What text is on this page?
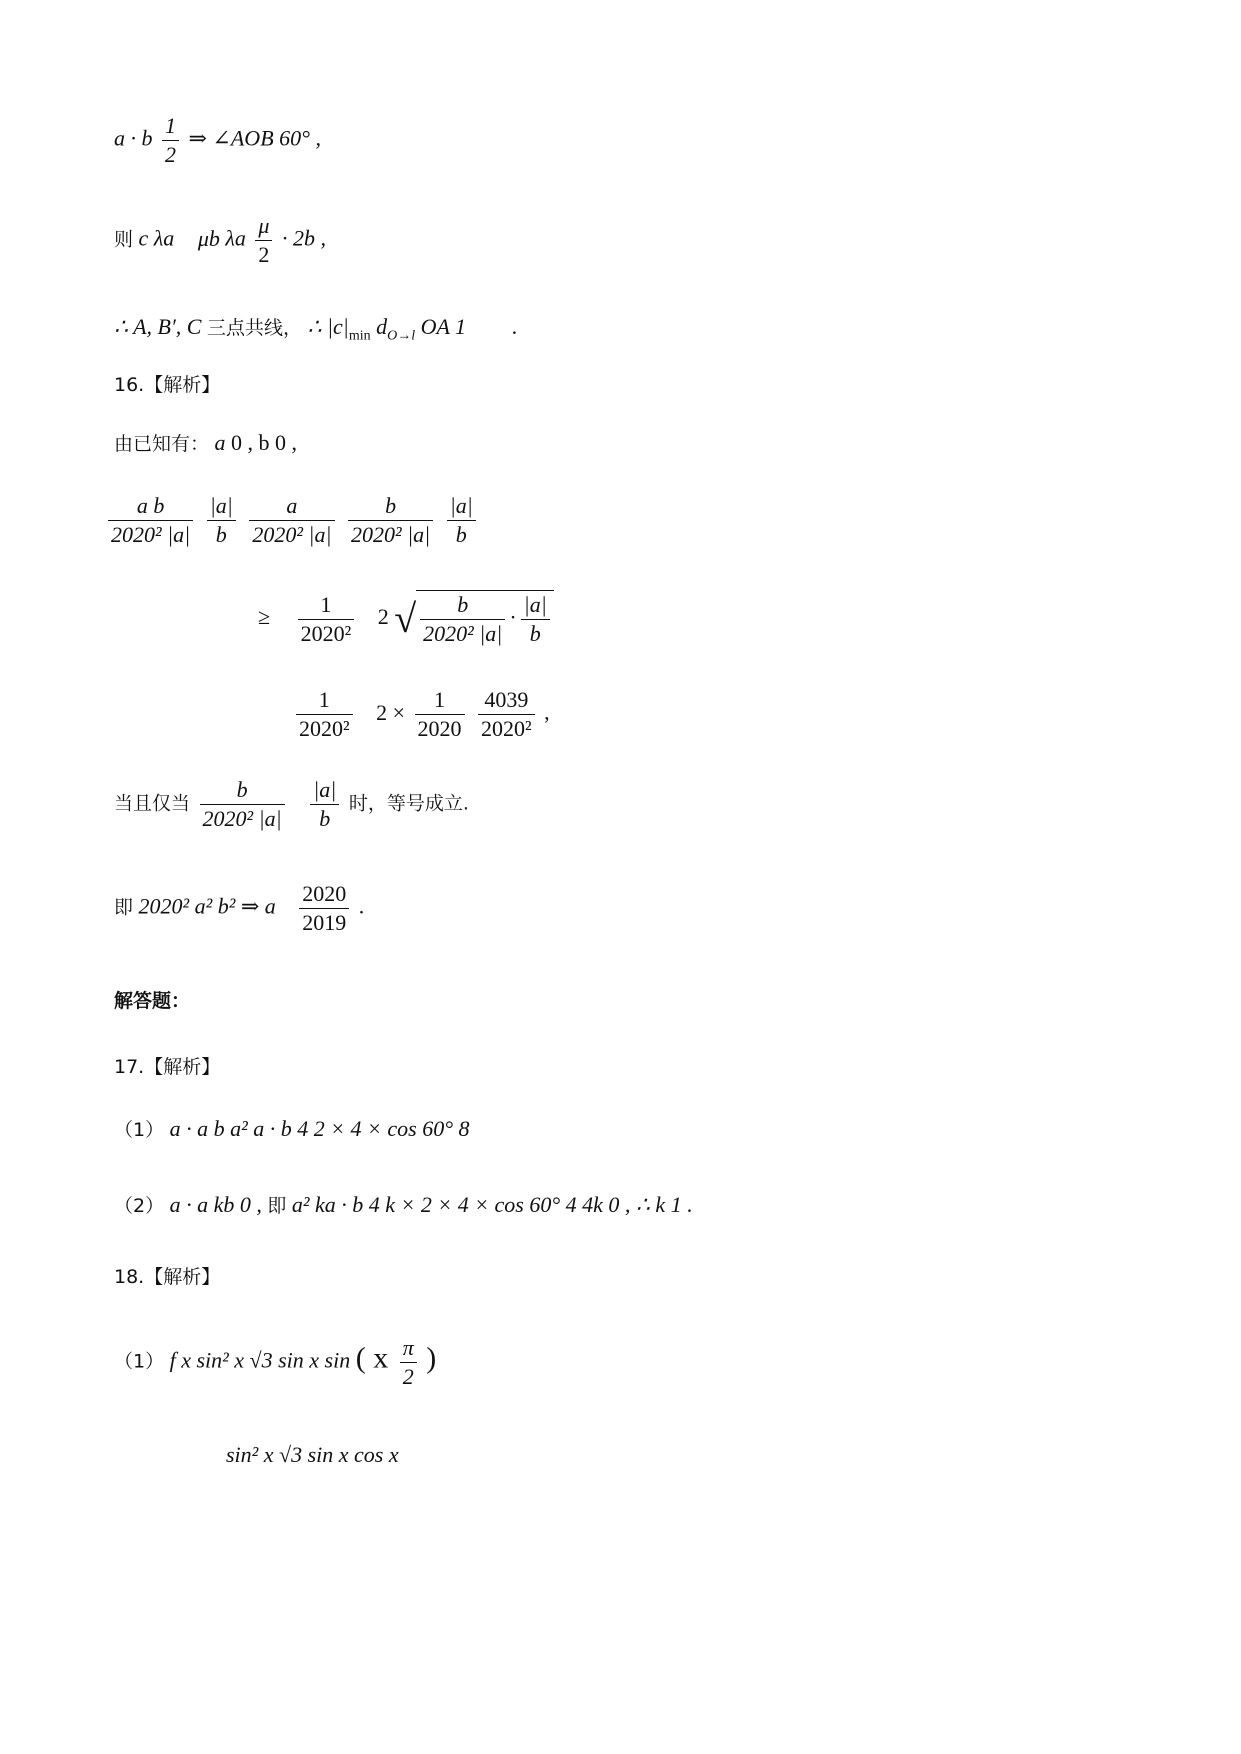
a · b $\frac{1}{2}$ ⇒ ∠AOB 60° ,
则 c λa μb λa $\frac{\mu}{2} \cdot 2b$ ,
∴ A, B′, C 三点共线， ∴ $|c|_{min}$ $d_{O\to l}$ OA 1 .
16.【解析】
由已知有： a 0 , b 0 ,
$\frac{\text{a b}}{\text{2020² |a|}}$
$\frac{|a|}{b}$
$\frac{a}{\text{2020² |a|}}$
$\frac{b}{\text{2020² |a|}}$
$\frac{|a|}{b}$
≥ $\frac{1}{\text{2020²}} 2$ √ $\frac{b}{\text{2020² |a|}} \cdot \frac{|a|}{b}$
$\frac{1}{\text{2020²}} 2 \times \frac{1}{2020}$
$\frac{4039}{\text{2020²}}$ ,
当且仅当 $\frac{b}{\text{2020² |a|}}$
$\frac{|a|}{b}$ 时，等号成立.
即 2020² a² b² ⇒ a $\frac{2020}{2019}$ .
解答题：
17.【解析】
（1） a · a b a² a · b 4 2 × 4 × cos 60° 8
（2） a · a kb 0 , 即 a² ka · b 4 k × 2 × 4 × cos 60° 4 4k 0 , ∴ k 1 .
18.【解析】
（1） f x sin² x √3 sin x sin ( x $\frac{\pi}{2}$ )
sin² x √3 sin x cos x
